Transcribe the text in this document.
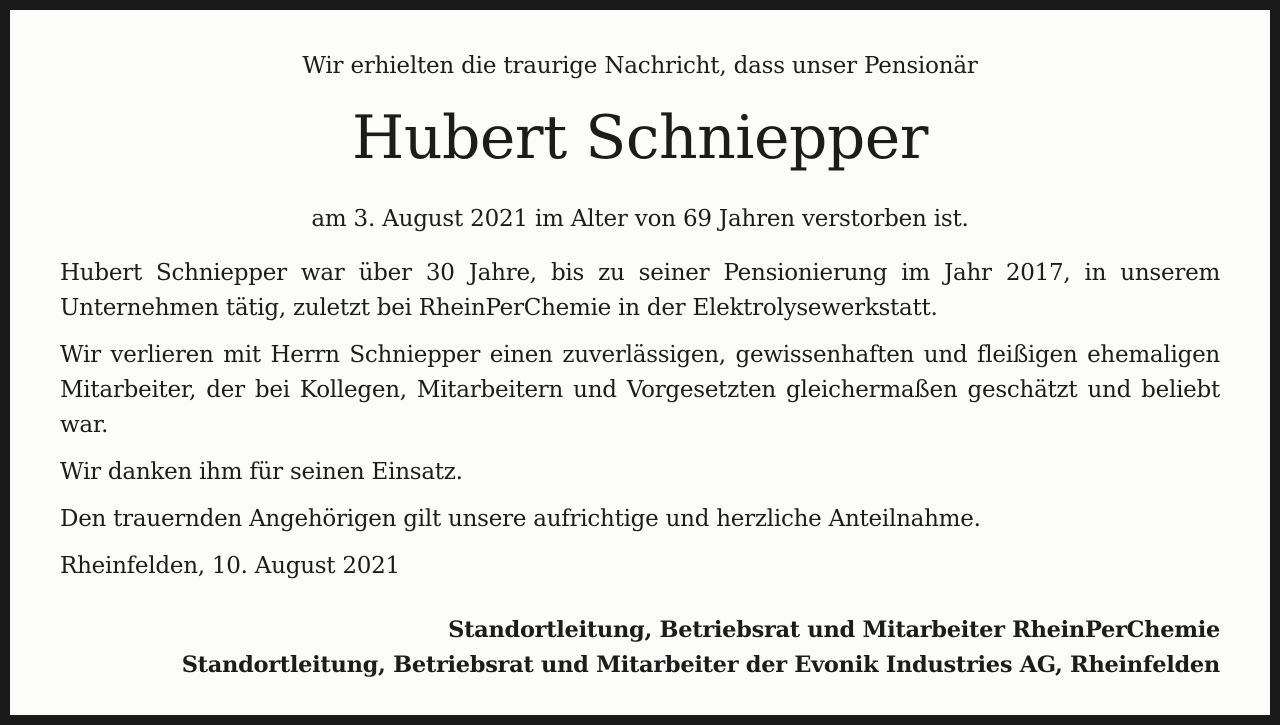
Wir erhielten die traurige Nachricht, dass unser Pensionär
Hubert Schniepper
am 3. August 2021 im Alter von 69 Jahren verstorben ist.

Hubert Schniepper war über 30 Jahre, bis zu seiner Pensionierung im Jahr 2017, in unserem Unternehmen tätig, zuletzt bei RheinPerChemie in der Elektrolysewerkstatt.

Wir verlieren mit Herrn Schniepper einen zuverlässigen, gewissenhaften und fleißigen ehemaligen Mitarbeiter, der bei Kollegen, Mitarbeitern und Vorgesetzten gleichermaßen geschätzt und beliebt war.

Wir danken ihm für seinen Einsatz.

Den trauernden Angehörigen gilt unsere aufrichtige und herzliche Anteilnahme.

Rheinfelden, 10. August 2021

Standortleitung, Betriebsrat und Mitarbeiter RheinPerChemie
Standortleitung, Betriebsrat und Mitarbeiter der Evonik Industries AG, Rheinfelden
